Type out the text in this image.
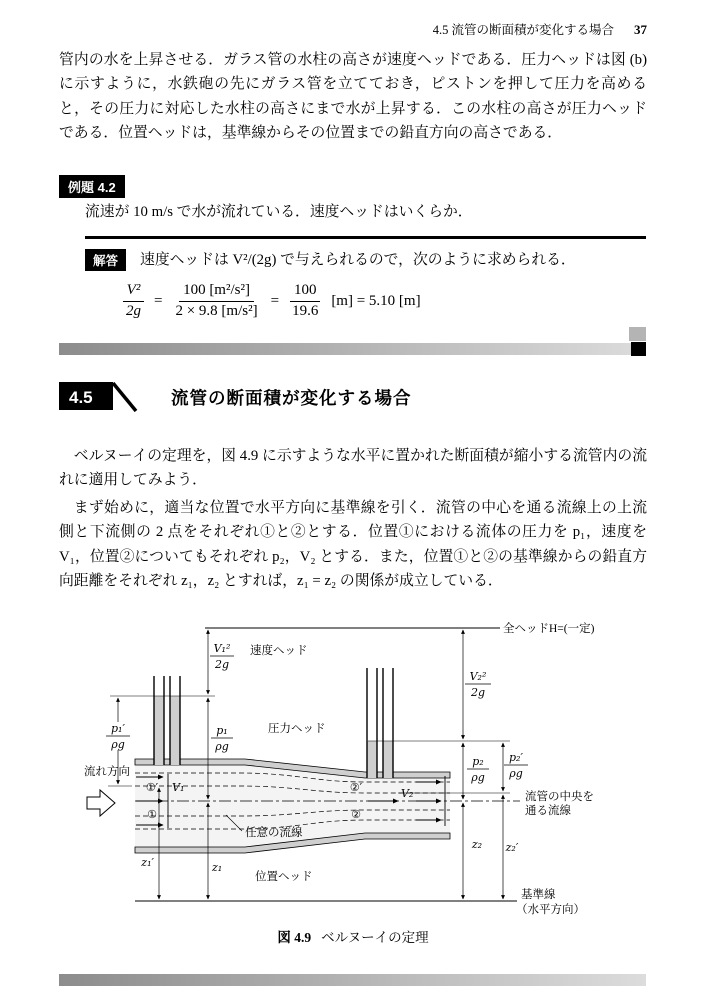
4.5 流管の断面積が変化する場合 37
管内の水を上昇させる．ガラス管の水柱の高さが速度ヘッドである．圧力ヘッドは図 (b) に示すように，水鉄砲の先にガラス管を立てておき，ピストンを押して圧力を高めると，その圧力に対応した水柱の高さにまで水が上昇する．この水柱の高さが圧力ヘッドである．位置ヘッドは，基準線からその位置までの鉛直方向の高さである．
例題 4.2
流速が 10 m/s で水が流れている．速度ヘッドはいくらか．
解答	速度ヘッドは V²/(2g) で与えられるので，次のように求められる．
$\frac{\text{V²}}{2g} = \frac{\text{100 [m²/s²]}}{\text{2 × 9.8 [m/s²]}} = \frac{100}{19.6} [m] = 5.10$ [m]
4.5	流管の断面積が変化する場合
ベルヌーイの定理を，図 4.9 に示すような水平に置かれた断面積が縮小する流管内の流れに適用してみよう．
まず始めに，適当な位置で水平方向に基準線を引く．流管の中心を通る流線上の上流側と下流側の 2 点をそれぞれ①と②とする．位置①における流体の圧力を p₁，速度を V₁，位置②についてもそれぞれ p₂，V₂ とする．また，位置①と②の基準線からの鉛直方向距離をそれぞれ z₁，z₂ とすれば，z₁ = z₂ の関係が成立している．
全ヘッドH=(一定)
速度ヘッド
圧力ヘッド
位置ヘッド
流れ方向
任意の流線
流管の中央を
通る流線
基準線
（水平方向）
V₁²
2g
p₁
ρg
p₁′
ρg
V₂²
2g
p₂
ρg
p₂′
ρg
z₁
z₁′
z₂ z₂′
①′
①
②′
②
V₁	V₂
図 4.9 ベルヌーイの定理
